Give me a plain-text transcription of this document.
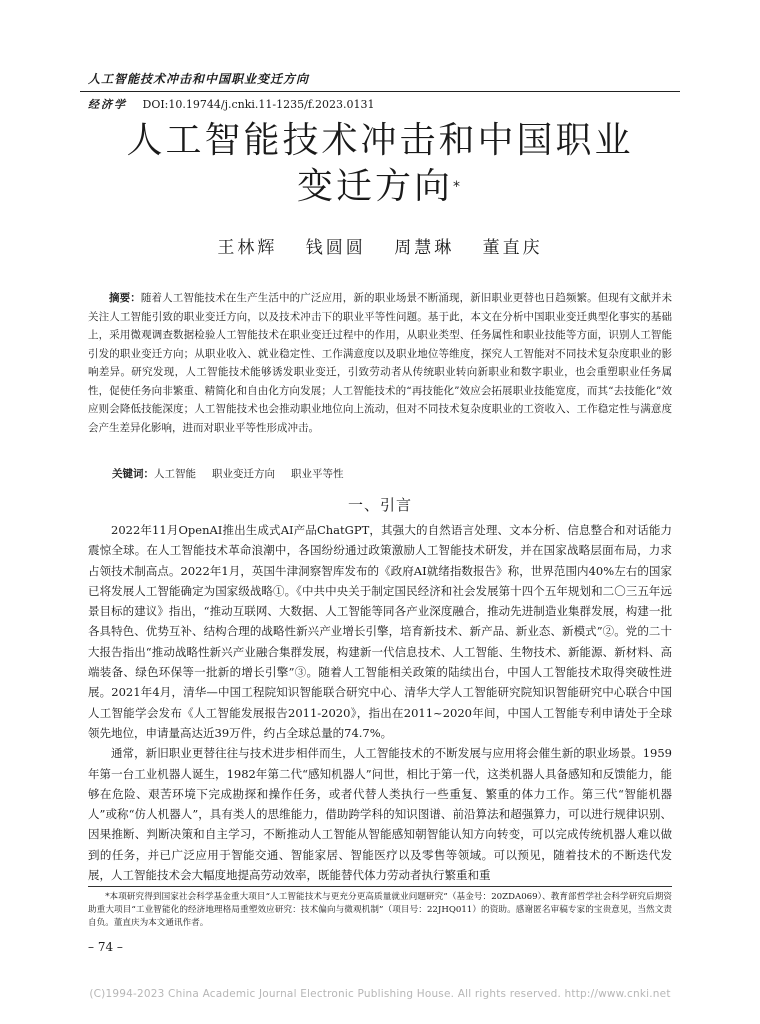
人工智能技术冲击和中国职业变迁方向
经济学 DOI:10.19744/j.cnki.11-1235/f.2023.0131
人工智能技术冲击和中国职业
变迁方向*
王林辉 钱圆圆 周慧琳 董直庆
摘要：随着人工智能技术在生产生活中的广泛应用，新的职业场景不断涌现，新旧职业更替也日趋频繁。但现有文献并未关注人工智能引致的职业变迁方向，以及技术冲击下的职业平等性问题。基于此，本文在分析中国职业变迁典型化事实的基础上，采用微观调查数据检验人工智能技术在职业变迁过程中的作用，从职业类型、任务属性和职业技能等方面，识别人工智能引发的职业变迁方向；从职业收入、就业稳定性、工作满意度以及职业地位等维度，探究人工智能对不同技术复杂度职业的影响差异。研究发现，人工智能技术能够诱发职业变迁，引致劳动者从传统职业转向新职业和数字职业，也会重塑职业任务属性，促使任务向非繁重、精简化和自由化方向发展；人工智能技术的“再技能化”效应会拓展职业技能宽度，而其“去技能化”效应则会降低技能深度；人工智能技术也会推动职业地位向上流动，但对不同技术复杂度职业的工资收入、工作稳定性与满意度会产生差异化影响，进而对职业平等性形成冲击。
关键词：人工智能 职业变迁方向 职业平等性
一、引言

2022年11月OpenAI推出生成式AI产品ChatGPT，其强大的自然语言处理、文本分析、信息整合和对话能力震惊全球。在人工智能技术革命浪潮中，各国纷纷通过政策激励人工智能技术研发，并在国家战略层面布局，力求占领技术制高点。2022年1月，英国牛津洞察智库发布的《政府AI就绪指数报告》称，世界范围内40%左右的国家已将发展人工智能确定为国家级战略①。《中共中央关于制定国民经济和社会发展第十四个五年规划和二〇三五年远景目标的建议》指出，“推动互联网、大数据、人工智能等同各产业深度融合，推动先进制造业集群发展，构建一批各具特色、优势互补、结构合理的战略性新兴产业增长引擎，培育新技术、新产品、新业态、新模式”②。党的二十大报告指出“推动战略性新兴产业融合集群发展，构建新一代信息技术、人工智能、生物技术、新能源、新材料、高端装备、绿色环保等一批新的增长引擎”③。随着人工智能相关政策的陆续出台，中国人工智能技术取得突破性进展。2021年4月，清华—中国工程院知识智能联合研究中心、清华大学人工智能研究院知识智能研究中心联合中国人工智能学会发布《人工智能发展报告2011-2020》，指出在2011~2020年间，中国人工智能专利申请处于全球领先地位，申请量高达近39万件，约占全球总量的74.7%。

通常，新旧职业更替往往与技术进步相伴而生，人工智能技术的不断发展与应用将会催生新的职业场景。1959年第一台工业机器人诞生，1982年第二代“感知机器人”问世，相比于第一代，这类机器人具备感知和反馈能力，能够在危险、艰苦环境下完成勘探和操作任务，或者代替人类执行一些重复、繁重的体力工作。第三代“智能机器人”或称“仿人机器人”，具有类人的思维能力，借助跨学科的知识图谱、前沿算法和超强算力，可以进行规律识别、因果推断、判断决策和自主学习，不断推动人工智能从智能感知朝智能认知方向转变，可以完成传统机器人难以做到的任务，并已广泛应用于智能交通、智能家居、智能医疗以及零售等领域。可以预见，随着技术的不断迭代发展，人工智能技术会大幅度地提高劳动效率，既能替代体力劳动者执行繁重和重

*本项研究得到国家社会科学基金重大项目“人工智能技术与更充分更高质量就业问题研究”（基金号：20ZDA069）、教育部哲学社会科学研究后期资助重大项目“工业智能化的经济地理格局重塑效应研究：技术偏向与微观机制”（项目号：22JHQ011）的资助。感谢匿名审稿专家的宝贵意见，当然文责自负。董直庆为本文通讯作者。
– 74 –
(C)1994-2023 China Academic Journal Electronic Publishing House. All rights reserved. http://www.cnki.net
